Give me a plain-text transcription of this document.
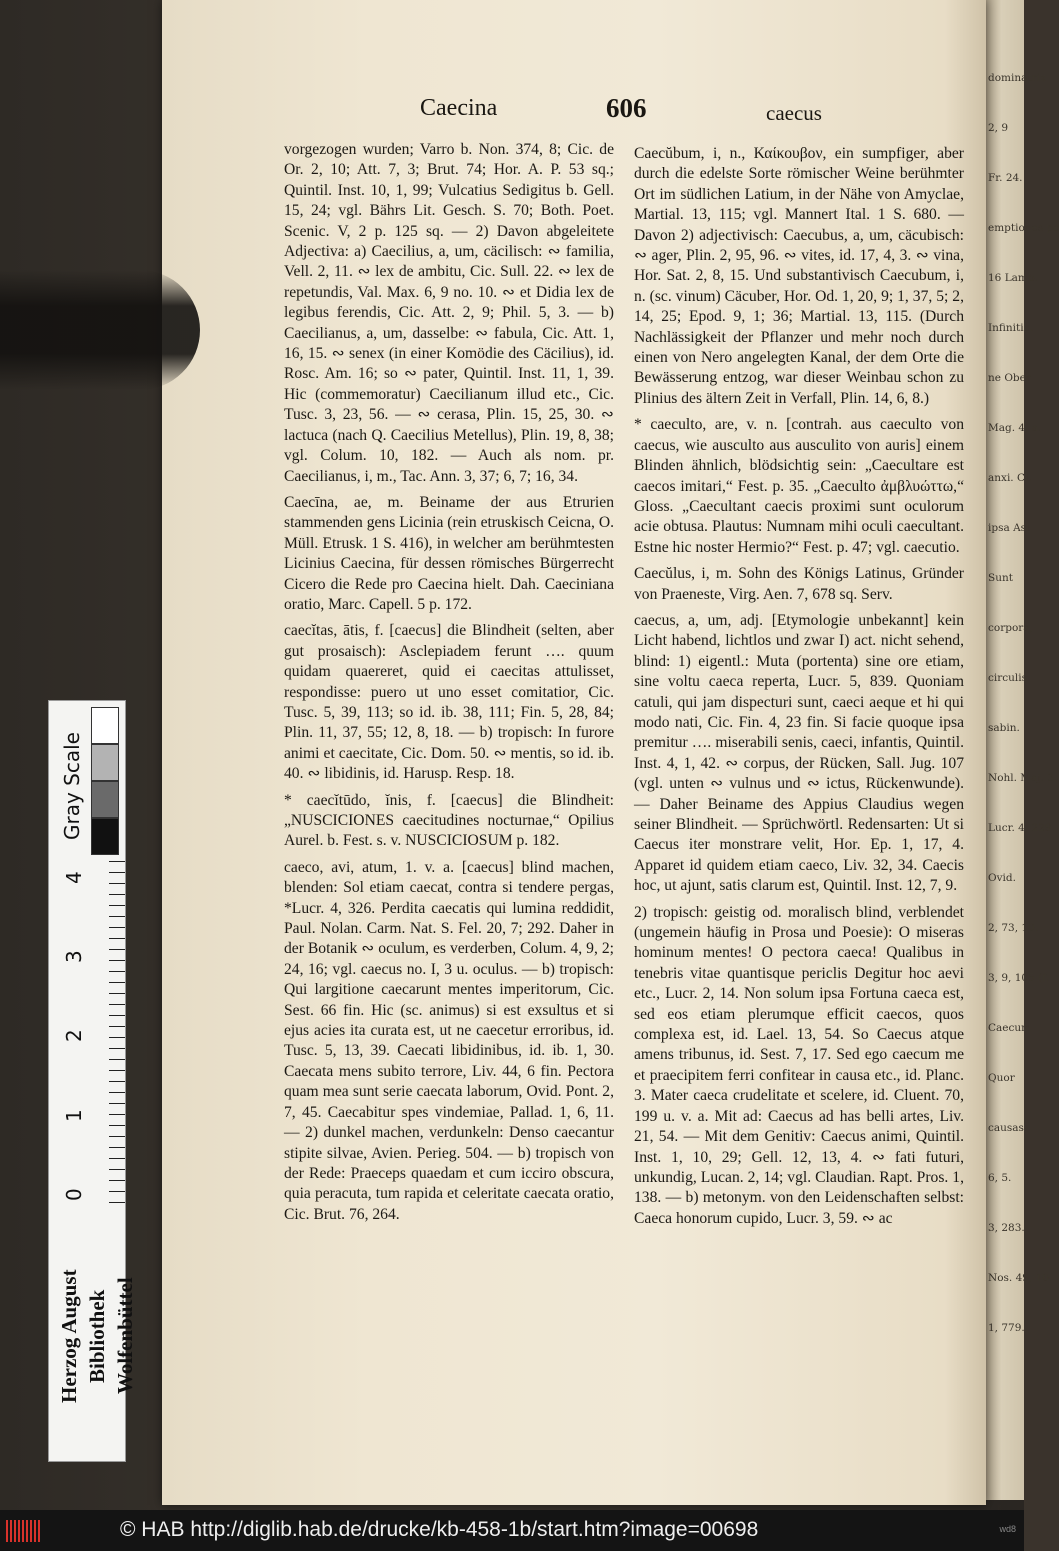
dominatrix
2, 9
Fr. 24.
emptiones pe
16 Lamb.
Infinitio.
ne Ober
Mag. 4, a.
anxi. Cl.
ipsa Ast
Sunt
corpora,
circulis
sabin.
Nohl. Maj. 3.
Lucr. 4, 229.
Ovid.
2, 73, 10.
3, 9, 105 (f.
Caecum
Quor
causas.
6, 5.
3, 283.
Nos. 49, 10.
1, 779.
Caecina	606	caecus

vorgezogen wurden; Varro b. Non. 374, 8; Cic. de Or. 2, 10; Att. 7, 3; Brut. 74; Hor. A. P. 53 sq.; Quintil. Inst. 10, 1, 99; Vulcatius Sedigitus b. Gell. 15, 24; vgl. Bährs Lit. Gesch. S. 70; Both. Poet. Scenic. V, 2 p. 125 sq. — 2) Davon abgeleitete Adjectiva: a) Caecilius, a, um, cäcilisch: ∾ familia, Vell. 2, 11. ∾ lex de ambitu, Cic. Sull. 22. ∾ lex de repetundis, Val. Max. 6, 9 no. 10. ∾ et Didia lex de legibus ferendis, Cic. Att. 2, 9; Phil. 5, 3. — b) Caecilianus, a, um, dasselbe: ∾ fabula, Cic. Att. 1, 16, 15. ∾ senex (in einer Komödie des Cäcilius), id. Rosc. Am. 16; so ∾ pater, Quintil. Inst. 11, 1, 39. Hic (commemoratur) Caecilianum illud etc., Cic. Tusc. 3, 23, 56. — ∾ cerasa, Plin. 15, 25, 30. ∾ lactuca (nach Q. Caecilius Metellus), Plin. 19, 8, 38; vgl. Colum. 10, 182. — Auch als nom. pr. Caecilianus, i, m., Tac. Ann. 3, 37; 6, 7; 16, 34.

Caecīna, ae, m. Beiname der aus Etrurien stammenden gens Licinia (rein etruskisch Ceicna, O. Müll. Etrusk. 1 S. 416), in welcher am berühmtesten Licinius Caecina, für dessen römisches Bürgerrecht Cicero die Rede pro Caecina hielt. Dah. Caeciniana oratio, Marc. Capell. 5 p. 172.

caecĭtas, ātis, f. [caecus] die Blindheit (selten, aber gut prosaisch): Asclepiadem ferunt …. quum quidam quaereret, quid ei caecitas attulisset, respondisse: puero ut uno esset comitatior, Cic. Tusc. 5, 39, 113; so id. ib. 38, 111; Fin. 5, 28, 84; Plin. 11, 37, 55; 12, 8, 18. — b) tropisch: In furore animi et caecitate, Cic. Dom. 50. ∾ mentis, so id. ib. 40. ∾ libidinis, id. Harusp. Resp. 18.

* caecĭtūdo, ĭnis, f. [caecus] die Blindheit: „NUSCICIONES caecitudines nocturnae,“ Opilius Aurel. b. Fest. s. v. NUSCICIOSUM p. 182.

caeco, avi, atum, 1. v. a. [caecus] blind machen, blenden: Sol etiam caecat, contra si tendere pergas, *Lucr. 4, 326. Perdita caecatis qui lumina reddidit, Paul. Nolan. Carm. Nat. S. Fel. 20, 7; 292. Daher in der Botanik ∾ oculum, es verderben, Colum. 4, 9, 2; 24, 16; vgl. caecus no. I, 3 u. oculus. — b) tropisch: Qui largitione caecarunt mentes imperitorum, Cic. Sest. 66 fin. Hic (sc. animus) si est exsultus et si ejus acies ita curata est, ut ne caecetur erroribus, id. Tusc. 5, 13, 39. Caecati libidinibus, id. ib. 1, 30. Caecata mens subito terrore, Liv. 44, 6 fin. Pectora quam mea sunt serie caecata laborum, Ovid. Pont. 2, 7, 45. Caecabitur spes vindemiae, Pallad. 1, 6, 11. — 2) dunkel machen, verdunkeln: Denso caecantur stipite silvae, Avien. Perieg. 504. — b) tropisch von der Rede: Praeceps quaedam et cum icciro obscura, quia peracuta, tum rapida et celeritate caecata oratio, Cic. Brut. 76, 264.

Caecŭbum, i, n., Καίκουβον, ein sumpfiger, aber durch die edelste Sorte römischer Weine berühmter Ort im südlichen Latium, in der Nähe von Amyclae, Martial. 13, 115; vgl. Mannert Ital. 1 S. 680. — Davon 2) adjectivisch: Caecubus, a, um, cäcubisch: ∾ ager, Plin. 2, 95, 96. ∾ vites, id. 17, 4, 3. ∾ vina, Hor. Sat. 2, 8, 15. Und substantivisch Caecubum, i, n. (sc. vinum) Cäcuber, Hor. Od. 1, 20, 9; 1, 37, 5; 2, 14, 25; Epod. 9, 1; 36; Martial. 13, 115. (Durch Nachlässigkeit der Pflanzer und mehr noch durch einen von Nero angelegten Kanal, der dem Orte die Bewässerung entzog, war dieser Weinbau schon zu Plinius des ältern Zeit in Verfall, Plin. 14, 6, 8.)

* caecultо, are, v. n. [contrah. aus caecultо von caecus, wie ausculto aus ausculito von auris] einem Blinden ähnlich, blödsichtig sein: „Caecultare est caecos imitari,“ Fest. p. 35. „Caeculto ἀμβλυώττω,“ Gloss. „Caecultant caecis proximi sunt oculorum acie obtusa. Plautus: Numnam mihi oculi caecultant. Estne hic noster Hermio?“ Fest. p. 47; vgl. caecutio.

Caecŭlus, i, m. Sohn des Königs Latinus, Gründer von Praeneste, Virg. Aen. 7, 678 sq. Serv.

caecus, a, um, adj. [Etymologie unbekannt] kein Licht habend, lichtlos und zwar I) act. nicht sehend, blind: 1) eigentl.: Muta (portenta) sine ore etiam, sine voltu caeca reperta, Lucr. 5, 839. Quoniam catuli, qui jam dispecturi sunt, caeci aeque et hi qui modo nati, Cic. Fin. 4, 23 fin. Si facie quoque ipsa premitur …. miserabili senis, caeci, infantis, Quintil. Inst. 4, 1, 42. ∾ corpus, der Rücken, Sall. Jug. 107 (vgl. unten ∾ vulnus und ∾ ictus, Rückenwunde). — Daher Beiname des Appius Claudius wegen seiner Blindheit. — Sprüchwörtl. Redensarten: Ut si Caecus iter monstrare velit, Hor. Ep. 1, 17, 4. Apparet id quidem etiam caeco, Liv. 32, 34. Caecis hoc, ut ajunt, satis clarum est, Quintil. Inst. 12, 7, 9.

2) tropisch: geistig od. moralisch blind, verblendet (ungemein häufig in Prosa und Poesie): O miseras hominum mentes! O pectora caeca! Qualibus in tenebris vitae quantisque periclis Degitur hoc aevi etc., Lucr. 2, 14. Non solum ipsa Fortuna caeca est, sed eos etiam plerumque efficit caecos, quos complexa est, id. Lael. 13, 54. So Caecus atque amens tribunus, id. Sest. 7, 17. Sed ego caecum me et praecipitem ferri confitear in causa etc., id. Planc. 3. Mater caeca crudelitate et scelere, id. Cluent. 70, 199 u. v. a. Mit ad: Caecus ad has belli artes, Liv. 21, 54. — Mit dem Genitiv: Caecus animi, Quintil. Inst. 1, 10, 29; Gell. 12, 13, 4. ∾ fati futuri, unkundig, Lucan. 2, 14; vgl. Claudian. Rapt. Pros. 1, 138. — b) metonym. von den Leidenschaften selbst: Caeca honorum cupido, Lucr. 3, 59. ∾ ac

Gray Scale
0
1
2
3
4
Herzog August Bibliothek Wolfenbüttel
© HAB http://diglib.hab.de/drucke/kb-458-1b/start.htm?image=00698	wd8
